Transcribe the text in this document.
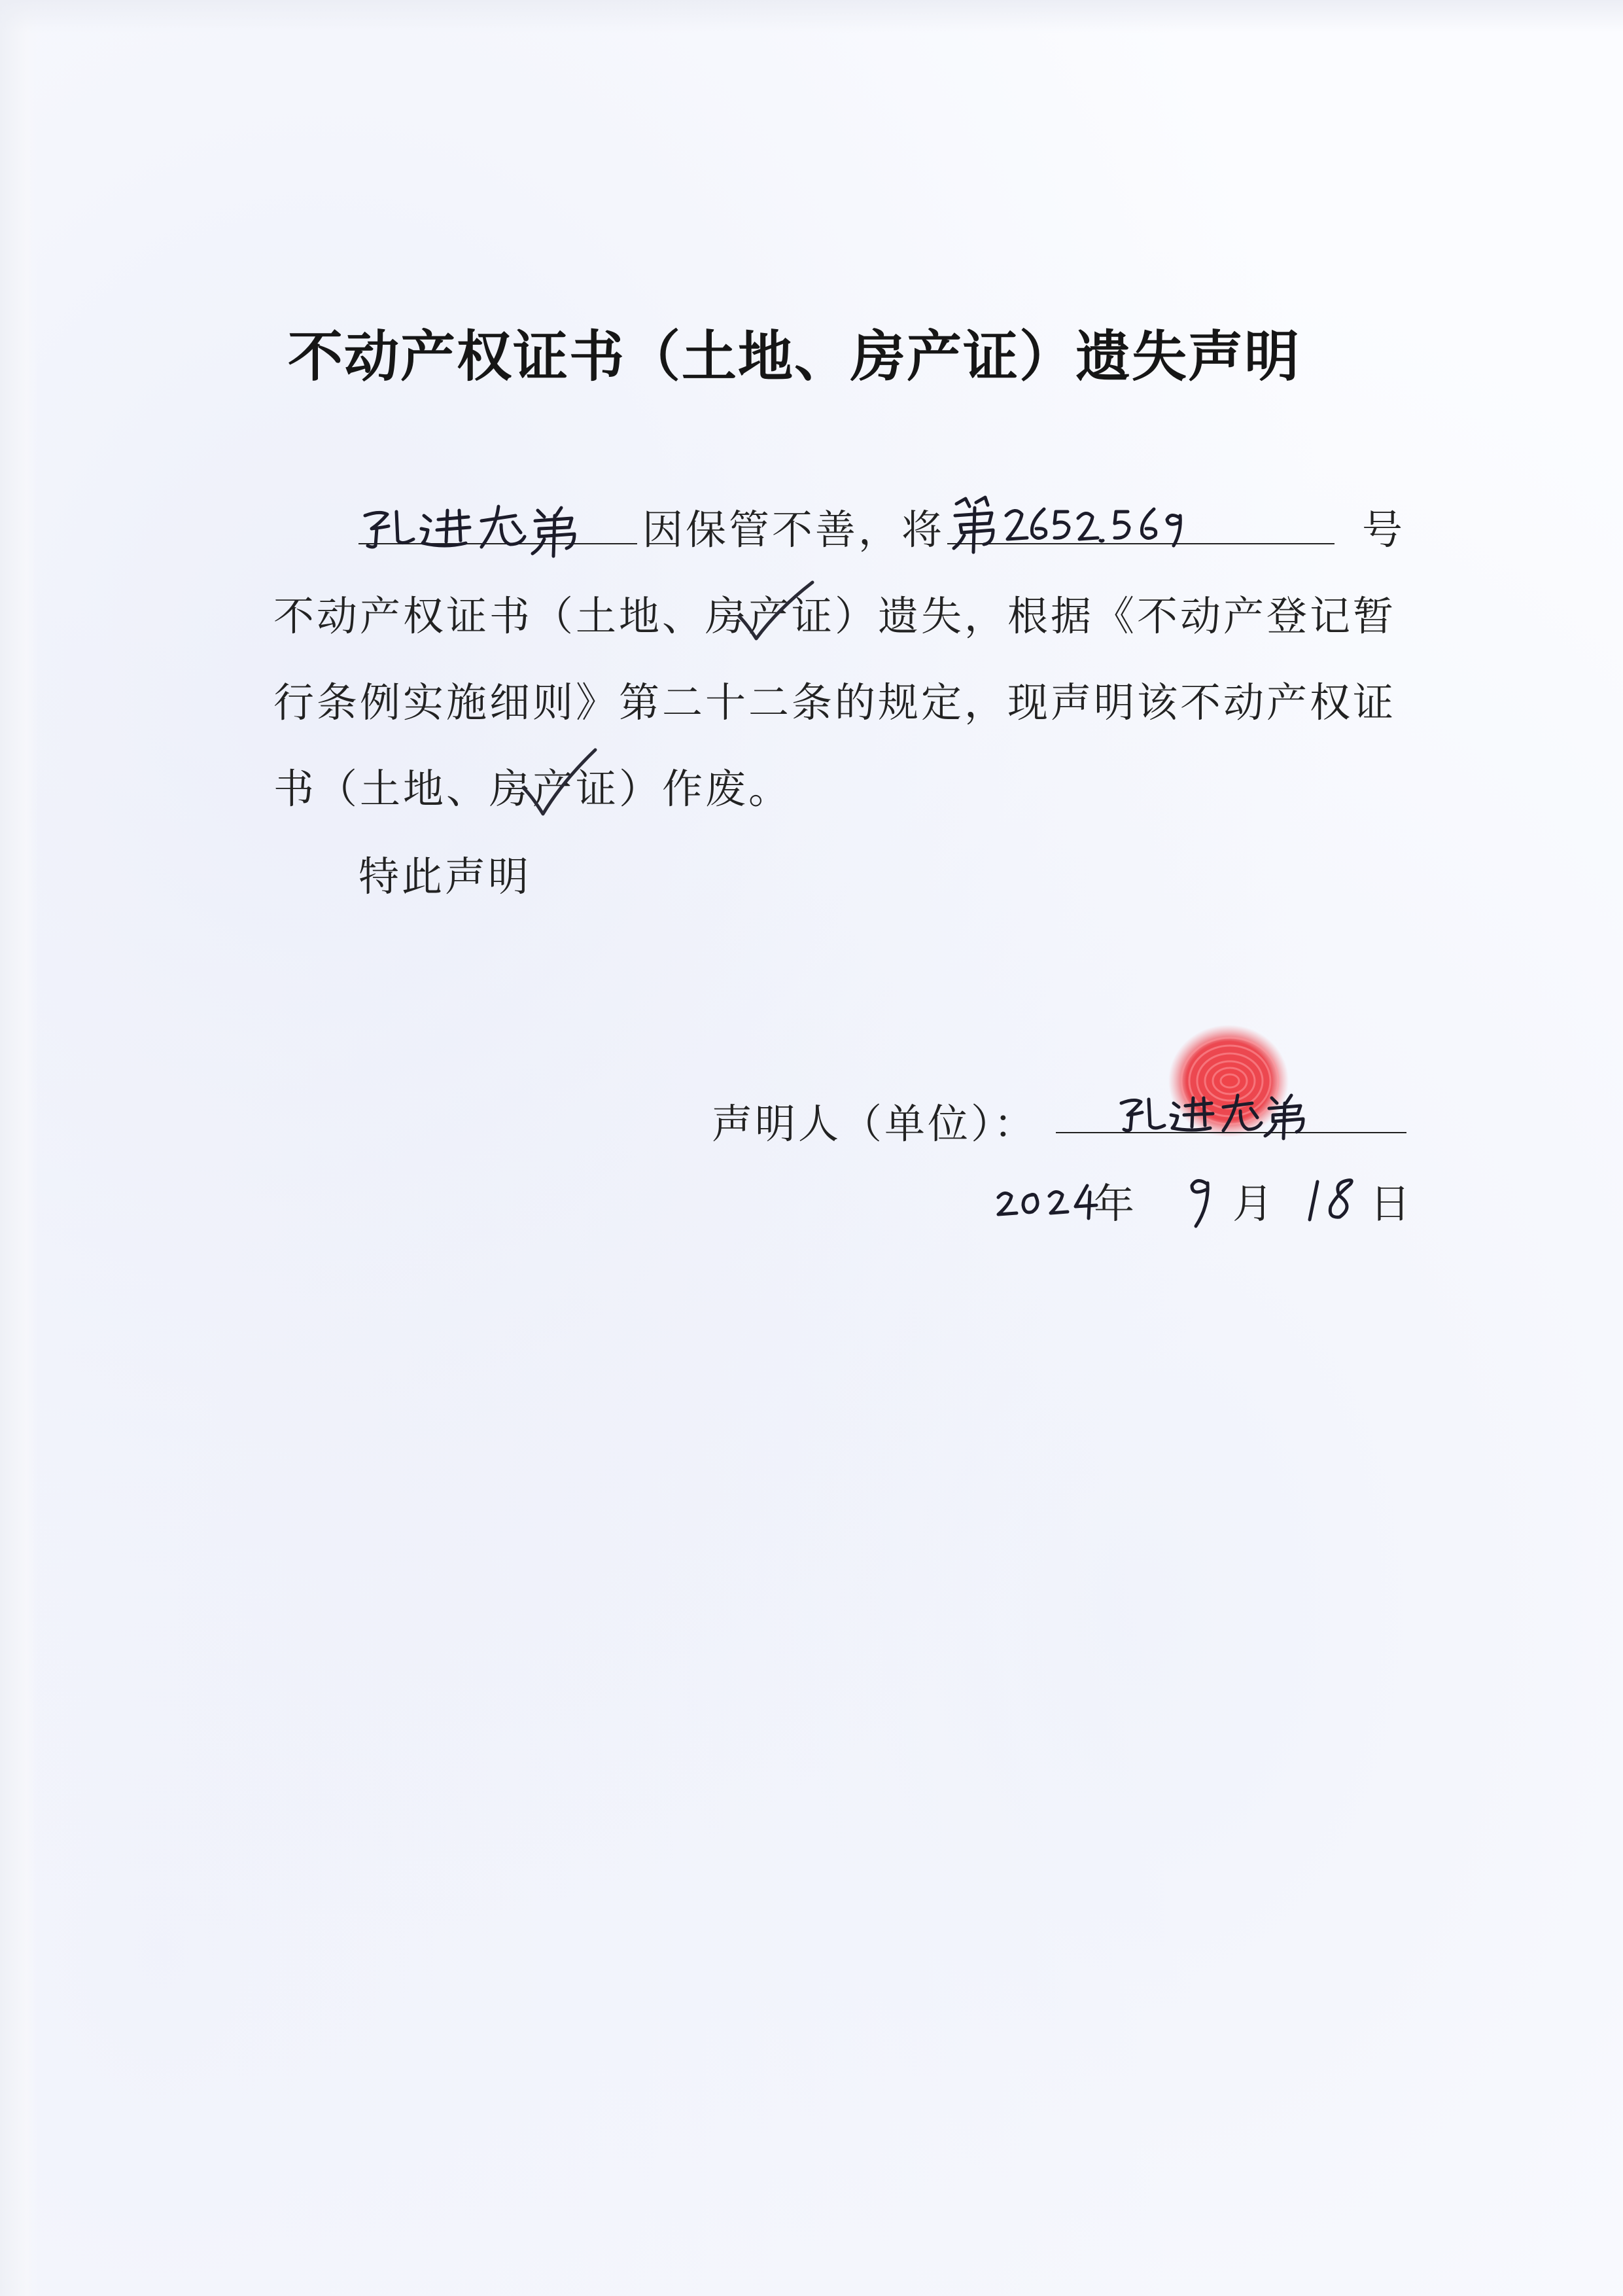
不动产权证书（土地、房产证）遗失声明
因保管不善，将	号
不动产权证书（土地、房产证）遗失，根据《不动产登记暂
行条例实施细则》第二十二条的规定，现声明该不动产权证
书（土地、房产证）作废。
特此声明
声明人（单位）：
年 月 日
